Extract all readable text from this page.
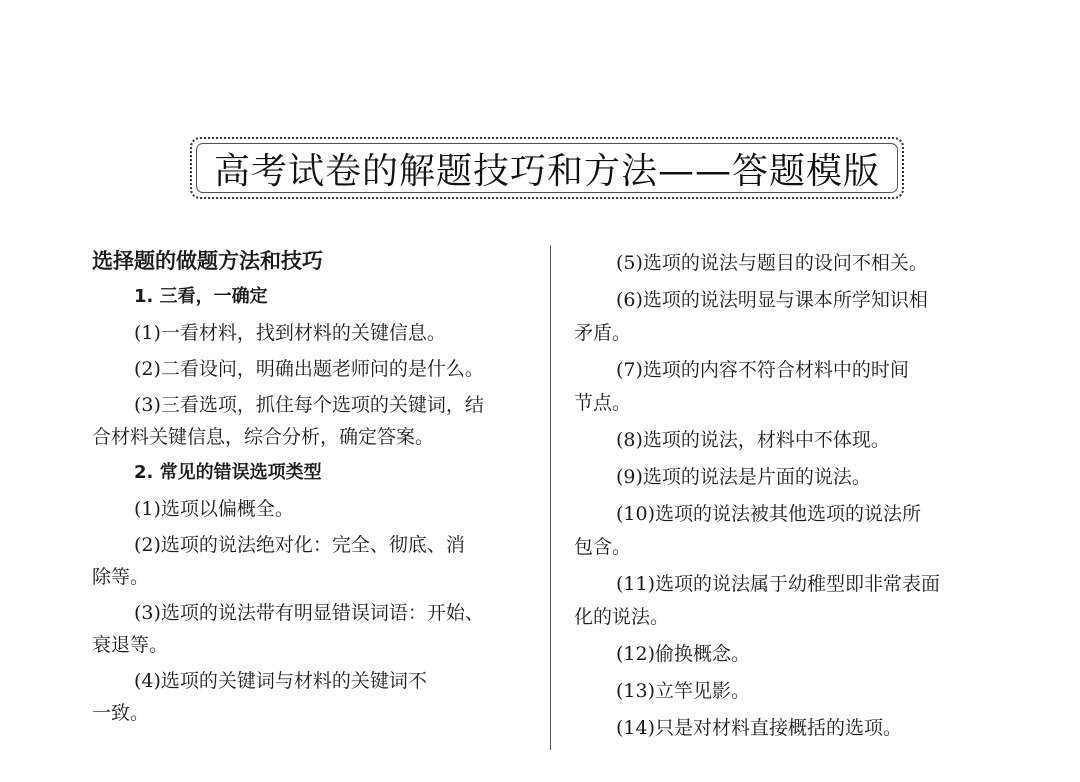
高考试卷的解题技巧和方法——答题模版
选择题的做题方法和技巧
1. 三看，一确定
(1)一看材料，找到材料的关键信息。
(2)二看设问，明确出题老师问的是什么。
(3)三看选项，抓住每个选项的关键词，结
合材料关键信息，综合分析，确定答案。
2. 常见的错误选项类型
(1)选项以偏概全。
(2)选项的说法绝对化：完全、彻底、消
除等。
(3)选项的说法带有明显错误词语：开始、
衰退等。
(4)选项的关键词与材料的关键词不
一致。
(5)选项的说法与题目的设问不相关。
(6)选项的说法明显与课本所学知识相
矛盾。
(7)选项的内容不符合材料中的时间
节点。
(8)选项的说法，材料中不体现。
(9)选项的说法是片面的说法。
(10)选项的说法被其他选项的说法所
包含。
(11)选项的说法属于幼稚型即非常表面
化的说法。
(12)偷换概念。
(13)立竿见影。
(14)只是对材料直接概括的选项。
